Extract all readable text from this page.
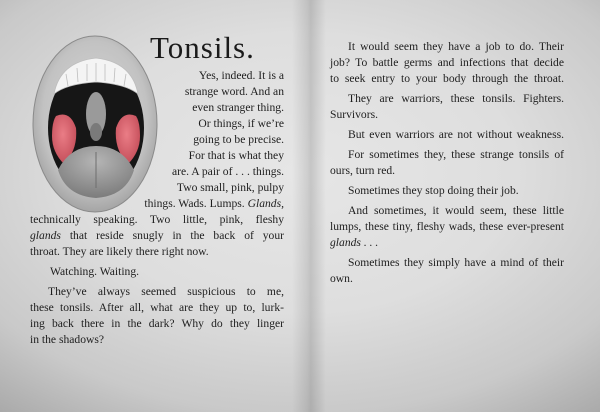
Tonsils.
Yes, indeed. It is a
strange word. And an
even stranger thing.
Or things, if we’re
going to be precise.
For that is what they
are. A pair of . . . things.
Two small, pink, pulpy
things. Wads. Lumps. Glands,
technically speaking. Two little, pink, fleshy
glands that reside snugly in the back of your
throat. They are likely there right now.
Watching. Waiting.
They’ve always seemed suspicious to me,
these tonsils. After all, what are they up to, lurk-
ing back there in the dark? Why do they linger
in the shadows?
It would seem they have a job to do. Their
job? To battle germs and infections that decide
to seek entry to your body through the throat.
They are warriors, these tonsils. Fighters.
Survivors.
But even warriors are not without weakness.
For sometimes they, these strange tonsils of
ours, turn red.
Sometimes they stop doing their job.
And sometimes, it would seem, these little
lumps, these tiny, fleshy wads, these ever-present
glands . . .
Sometimes they simply have a mind of their
own.
